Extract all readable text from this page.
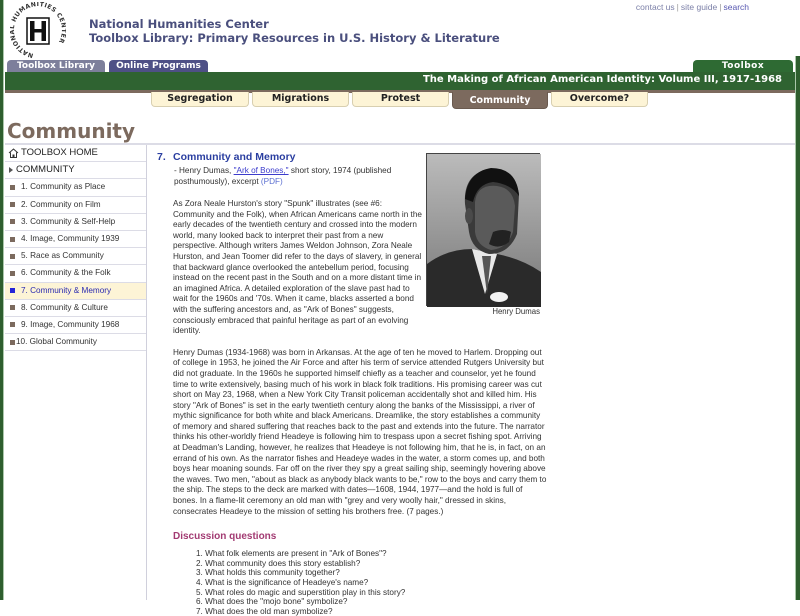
NATION HUMANITIES CE R
National Humanities Center
Toolbox Library: Primary Resources in U.S. History & Literature
contact us | site guide | search
Toolbox Library	Online Programs	Toolbox
The Making of African American Identity: Volume III, 1917-1968
Segregation	Migrations	Protest	Community	Overcome?
Community
TOOLBOX HOME
COMMUNITY
1. Community as Place
2. Community on Film
3. Community & Self-Help
4. Image, Community 1939
5. Race as Community
6. Community & the Folk
7. Community & Memory
8. Community & Culture
9. Image, Community 1968
10. Global Community
Henry Dumas
7. Community and Memory
- Henry Dumas, "Ark of Bones," short story, 1974 (published posthumously), excerpt (PDF)

As Zora Neale Hurston's story "Spunk" illustrates (see #6: Community and the Folk), when African Americans came north in the early decades of the twentieth century and crossed into the modern world, many looked back to interpret their past from a new perspective. Although writers James Weldon Johnson, Zora Neale Hurston, and Jean Toomer did refer to the days of slavery, in general that backward glance overlooked the antebellum period, focusing instead on the recent past in the South and on a more distant time in an imagined Africa. A detailed exploration of the slave past had to wait for the 1960s and '70s. When it came, blacks asserted a bond with the suffering ancestors and, as "Ark of Bones" suggests, consciously embraced that painful heritage as part of an evolving identity.

Henry Dumas (1934-1968) was born in Arkansas. At the age of ten he moved to Harlem. Dropping out of college in 1953, he joined the Air Force and after his term of service attended Rutgers University but did not graduate. In the 1960s he supported himself chiefly as a teacher and counselor, yet he found time to write extensively, basing much of his work in black folk traditions. His promising career was cut short on May 23, 1968, when a New York City Transit policeman accidentally shot and killed him. His story "Ark of Bones" is set in the early twentieth century along the banks of the Mississippi, a river of mythic significance for both white and black Americans. Dreamlike, the story establishes a community of memory and shared suffering that reaches back to the past and extends into the future. The narrator thinks his other-worldly friend Headeye is following him to trespass upon a secret fishing spot. Arriving at Deadman's Landing, however, he realizes that Headeye is not following him, that he is, in fact, on an errand of his own. As the narrator fishes and Headeye wades in the water, a storm comes up, and both boys hear moaning sounds. Far off on the river they spy a great sailing ship, seemingly hovering above the waves. Two men, "about as black as anybody black wants to be," row to the boys and carry them to the ship. The steps to the deck are marked with dates—1608, 1944, 1977—and the hold is full of bones. In a flame-lit ceremony an old man with "grey and very woolly hair," dressed in skins, consecrates Headeye to the mission of setting his brothers free. (7 pages.)

Discussion questions
1. What folk elements are present in "Ark of Bones"?
2. What community does this story establish?
3. What holds this community together?
4. What is the significance of Headeye's name?
5. What roles do magic and superstition play in this story?
6. What does the "mojo bone" symbolize?
7. What does the old man symbolize?
